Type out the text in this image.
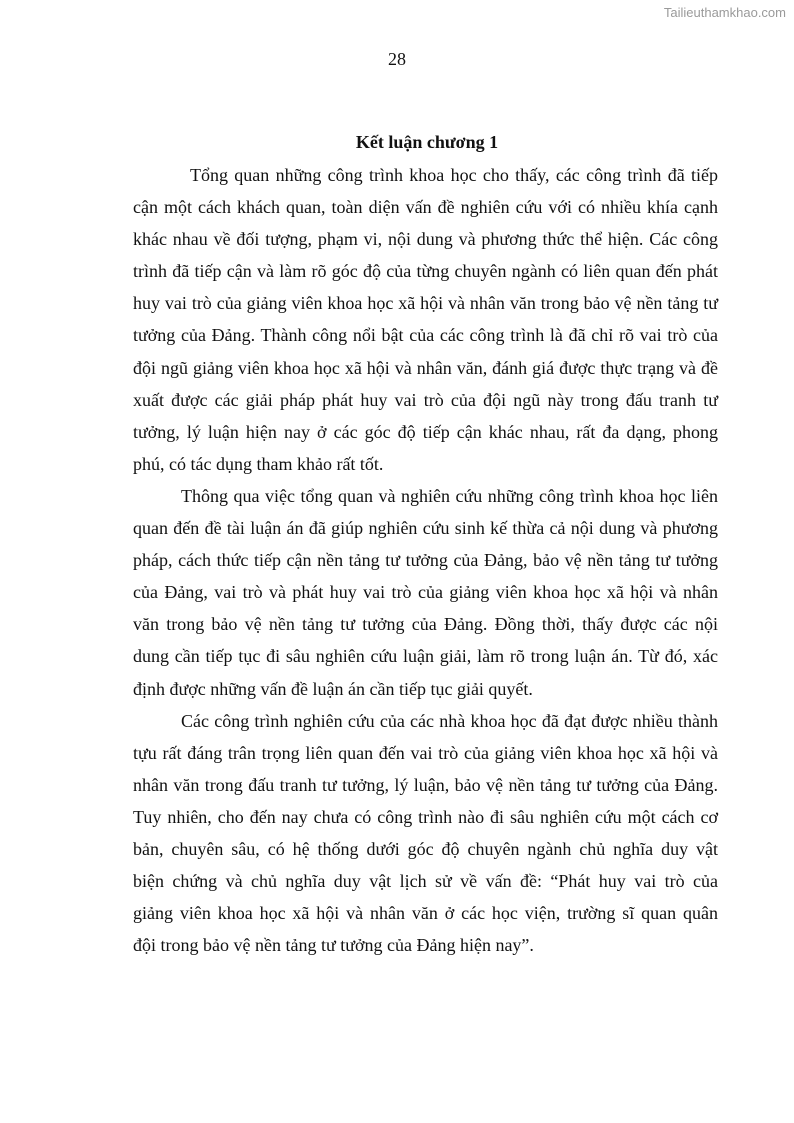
Tailieuthamkhao.com
28
Kết luận chương 1
Tổng quan những công trình khoa học cho thấy, các công trình đã tiếp
cận một cách khách quan, toàn diện vấn đề nghiên cứu với có nhiều khía cạnh
khác nhau về đối tượng, phạm vi, nội dung và phương thức thể hiện. Các công
trình đã tiếp cận và làm rõ góc độ của từng chuyên ngành có liên quan đến phát
huy vai trò của giảng viên khoa học xã hội và nhân văn trong bảo vệ nền tảng tư
tưởng của Đảng. Thành công nổi bật của các công trình là đã chỉ rõ vai trò của
đội ngũ giảng viên khoa học xã hội và nhân văn, đánh giá được thực trạng và đề
xuất được các giải pháp phát huy vai trò của đội ngũ này trong đấu tranh tư
tưởng, lý luận hiện nay ở các góc độ tiếp cận khác nhau, rất đa dạng, phong
phú, có tác dụng tham khảo rất tốt.
Thông qua việc tổng quan và nghiên cứu những công trình khoa học liên
quan đến đề tài luận án đã giúp nghiên cứu sinh kế thừa cả nội dung và phương
pháp, cách thức tiếp cận nền tảng tư tưởng của Đảng, bảo vệ nền tảng tư tưởng
của Đảng, vai trò và phát huy vai trò của giảng viên khoa học xã hội và nhân
văn trong bảo vệ nền tảng tư tưởng của Đảng. Đồng thời, thấy được các nội
dung cần tiếp tục đi sâu nghiên cứu luận giải, làm rõ trong luận án. Từ đó, xác
định được những vấn đề luận án cần tiếp tục giải quyết.
Các công trình nghiên cứu của các nhà khoa học đã đạt được nhiều thành
tựu rất đáng trân trọng liên quan đến vai trò của giảng viên khoa học xã hội và
nhân văn trong đấu tranh tư tưởng, lý luận, bảo vệ nền tảng tư tưởng của Đảng.
Tuy nhiên, cho đến nay chưa có công trình nào đi sâu nghiên cứu một cách cơ
bản, chuyên sâu, có hệ thống dưới góc độ chuyên ngành chủ nghĩa duy vật
biện chứng và chủ nghĩa duy vật lịch sử về vấn đề: “Phát huy vai trò của
giảng viên khoa học xã hội và nhân văn ở các học viện, trường sĩ quan quân
đội trong bảo vệ nền tảng tư tưởng của Đảng hiện nay”.
